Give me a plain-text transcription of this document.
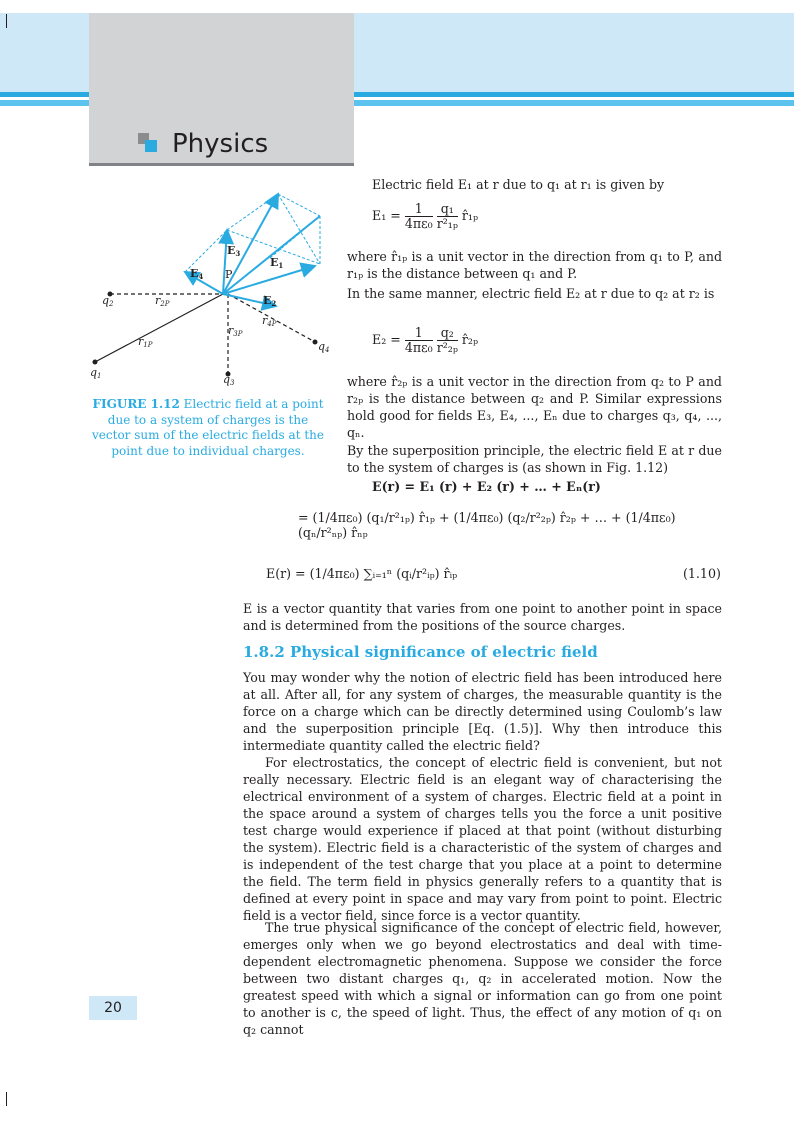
Physics
E3
E1
E4
E2
P
q1
q2
q3
q4
r1P
r2P
r3P
r4P
FIGURE 1.12 Electric field at a point due to a system of charges is the vector sum of the electric fields at the point due to individual charges.
Electric field E₁ at r due to q₁ at r₁ is given by
$E_1 = \frac{1}{\text{4πε₀}}$
$\frac{\text{q₁}}{\text{r²₁ₚ}}$ r̂₁ₚ
where r̂₁ₚ is a unit vector in the direction from q₁ to P, and r₁ₚ is the distance between q₁ and P.
In the same manner, electric field E₂ at r due to q₂ at r₂ is
$E_2 = \frac{1}{\text{4πε₀}}$
$\frac{\text{q₂}}{\text{r²₂ₚ}}$ r̂₂ₚ
where r̂₂ₚ is a unit vector in the direction from q₂ to P and r₂ₚ is the distance between q₂ and P. Similar expressions hold good for fields E₃, E₄, ..., Eₙ due to charges q₃, q₄, ..., qₙ.
By the superposition principle, the electric field E at r due to the system of charges is (as shown in Fig. 1.12)
E(r) = E₁ (r) + E₂ (r) + … + Eₙ(r)
= (1/4πε₀) (q₁/r²₁ₚ) r̂₁ₚ + (1/4πε₀) (q₂/r²₂ₚ) r̂₂ₚ + … + (1/4πε₀) (qₙ/r²ₙₚ) r̂ₙₚ
E(r) = (1/4πε₀) ∑ᵢ₌₁ⁿ (qᵢ/r²ᵢₚ) r̂ᵢₚ	(1.10)
E is a vector quantity that varies from one point to another point in space and is determined from the positions of the source charges.
1.8.2 Physical significance of electric field
You may wonder why the notion of electric field has been introduced here at all. After all, for any system of charges, the measurable quantity is the force on a charge which can be directly determined using Coulomb’s law and the superposition principle [Eq. (1.5)]. Why then introduce this intermediate quantity called the electric field?
For electrostatics, the concept of electric field is convenient, but not really necessary. Electric field is an elegant way of characterising the electrical environment of a system of charges. Electric field at a point in the space around a system of charges tells you the force a unit positive test charge would experience if placed at that point (without disturbing the system). Electric field is a characteristic of the system of charges and is independent of the test charge that you place at a point to determine the field. The term field in physics generally refers to a quantity that is defined at every point in space and may vary from point to point. Electric field is a vector field, since force is a vector quantity.
The true physical significance of the concept of electric field, however, emerges only when we go beyond electrostatics and deal with time-dependent electromagnetic phenomena. Suppose we consider the force between two distant charges q₁, q₂ in accelerated motion. Now the greatest speed with which a signal or information can go from one point to another is c, the speed of light. Thus, the effect of any motion of q₁ on q₂ cannot
20
